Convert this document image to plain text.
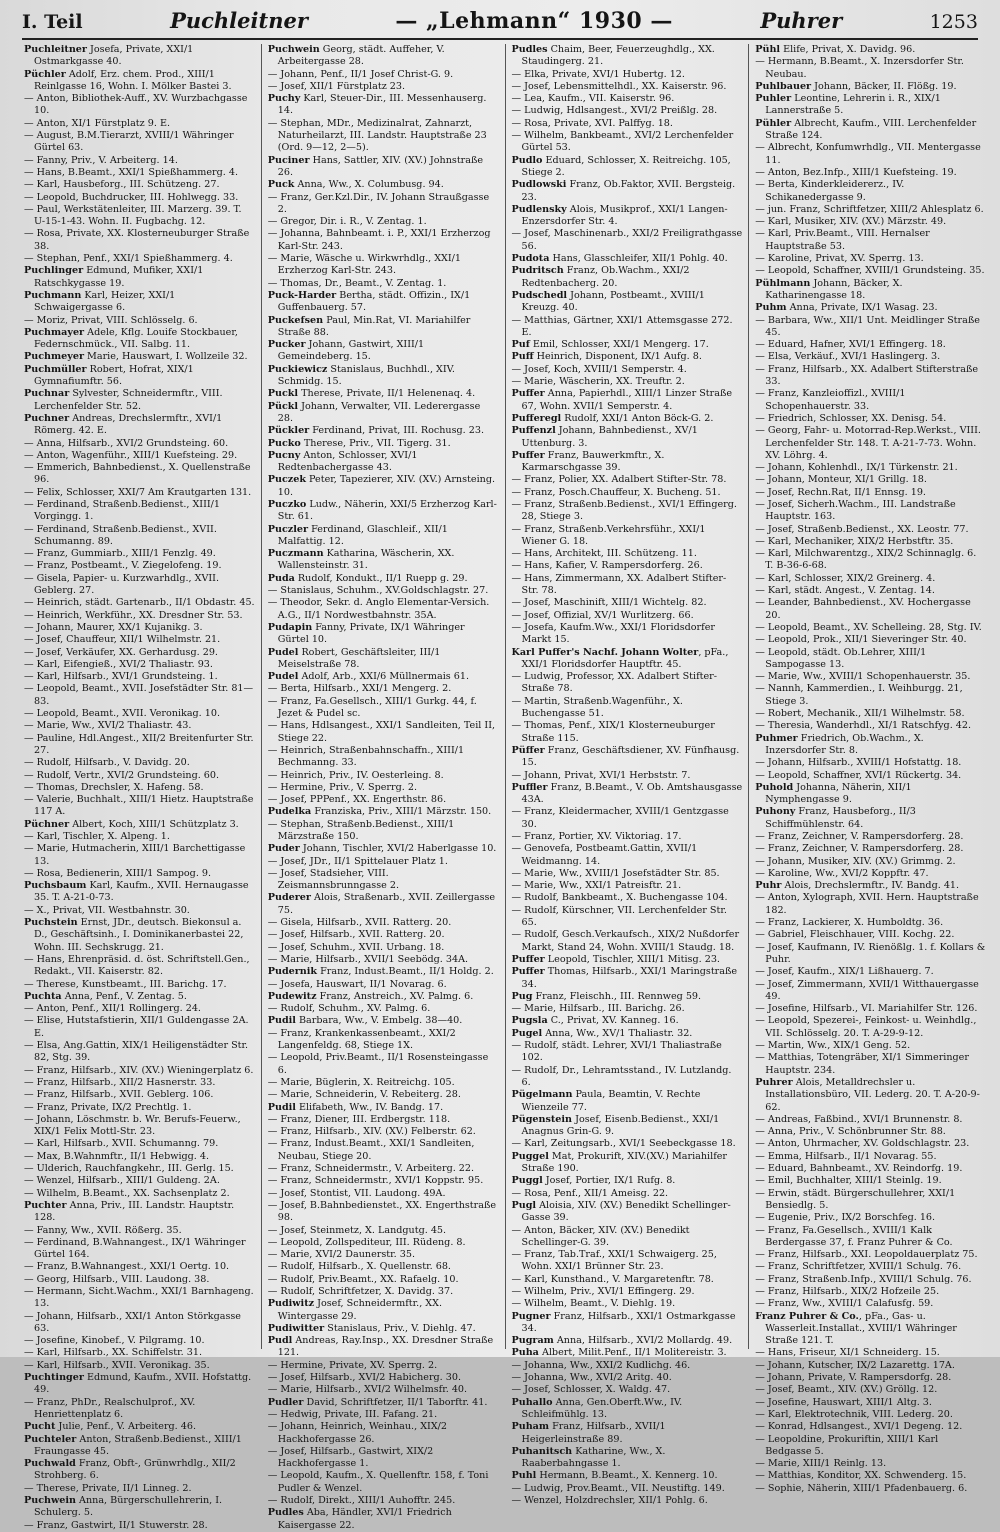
I. Teil	Puchleitner	— „Lehmann“ 1930 —	Puhrer	1253

Puchleitner Josefa, Private, XXI/1 Ostmarkgasse 40.

Püchler Adolf, Erz. chem. Prod., XIII/1 Reinlgasse 16, Wohn. I. Mölker Bastei 3.

— Anton, Bibliothek-Auff., XV. Wurzbachgasse 10.

— Anton, XI/1 Fürstplatz 9. E.

— August, B.M.Tierarzt, XVIII/1 Währinger Gürtel 63.

— Fanny, Priv., V. Arbeiterg. 14.

— Hans, B.Beamt., XXI/1 Spießhammerg. 4.

— Karl, Hausbeforg., III. Schützeng. 27.

— Leopold, Buchdrucker, III. Hohlwegg. 33.

— Paul, Werkstätenleiter, III. Marzerg. 39. T. U-15-1-43. Wohn. II. Fugbachg. 12.

— Rosa, Private, XX. Klosterneuburger Straße 38.

— Stephan, Penf., XXI/1 Spießhammerg. 4.

Puchlinger Edmund, Mufiker, XXI/1 Ratschkygasse 19.

Puchmann Karl, Heizer, XXI/1 Schwaigergasse 6.

— Moriz, Privat, VIII. Schlösselg. 6.

Puchmayer Adele, Kflg. Louife Stockbauer, Federnschmück., VII. Salbg. 11.

Puchmeyer Marie, Hauswart, I. Wollzeile 32.

Puchmüller Robert, Hofrat, XIX/1 Gymnafiumftr. 56.

Puchnar Sylvester, Schneidermftr., VIII. Lerchenfelder Str. 52.

Puchner Andreas, Drechslermftr., XVI/1 Römerg. 42. E.

— Anna, Hilfsarb., XVI/2 Grundsteing. 60.

— Anton, Wagenführ., XIII/1 Kuefsteing. 29.

— Emmerich, Bahnbedienst., X. Quellenstraße 96.

— Felix, Schlosser, XXI/7 Am Krautgarten 131.

— Ferdinand, Straßenb.Bedienst., XIII/1 Vorgingg. 1.

— Ferdinand, Straßenb.Bedienst., XVII. Schumanng. 89.

— Franz, Gummiarb., XIII/1 Fenzlg. 49.

— Franz, Postbeamt., V. Ziegelofeng. 19.

— Gisela, Papier- u. Kurzwarhdlg., XVII. Geblerg. 27.

— Heinrich, städt. Gartenarb., II/1 Obdastr. 45.

— Heinrich, Werkführ., XX. Dresdner Str. 53.

— Johann, Maurer, XX/1 Kujanikg. 3.

— Josef, Chauffeur, XII/1 Wilhelmstr. 21.

— Josef, Verkäufer, XX. Gerhardusg. 29.

— Karl, Eifengieß., XVI/2 Thaliastr. 93.

— Karl, Hilfsarb., XVI/1 Grundsteing. 1.

— Leopold, Beamt., XVII. Josefstädter Str. 81—83.

— Leopold, Beamt., XVII. Veronikag. 10.

— Marie, Ww., XVI/2 Thaliastr. 43.

— Pauline, Hdl.Angest., XII/2 Breitenfurter Str. 27.

— Rudolf, Hilfsarb., V. Davidg. 20.

— Rudolf, Vertr., XVI/2 Grundsteing. 60.

— Thomas, Drechsler, X. Hafeng. 58.

— Valerie, Buchhalt., XIII/1 Hietz. Hauptstraße 117 A.

Püchner Albert, Koch, XIII/1 Schützplatz 3.

— Karl, Tischler, X. Alpeng. 1.

— Marie, Hutmacherin, XIII/1 Barchettigasse 13.

— Rosa, Bedienerin, XIII/1 Sampog. 9.

Puchsbaum Karl, Kaufm., XVII. Hernaugasse 35. T. A-21-0-73.

— X., Privat, VII. Westbahnstr. 30.

Puchstein Ernst, JDr., deutsch. Biekonsul a. D., Geschäftsinh., I. Dominikanerbastei 22, Wohn. III. Sechskrugg. 21.

— Hans, Ehrenpräsid. d. öst. Schriftstell.Gen., Redakt., VII. Kaiserstr. 82.

— Therese, Kunstbeamt., III. Barichg. 17.

Puchta Anna, Penf., V. Zentag. 5.

— Anton, Penf., XII/1 Rollingerg. 24.

— Elise, Hutstafstierin, XII/1 Guldengasse 2A. E.

— Elsa, Ang.Gattin, XIX/1 Heiligenstädter Str. 82, Stg. 39.

— Franz, Hilfsarb., XIV. (XV.) Wieningerplatz 6.

— Franz, Hilfsarb., XII/2 Hasnerstr. 33.

— Franz, Hilfsarb., XVII. Geblerg. 106.

— Franz, Private, IX/2 Prechtlg. 1.

— Johann, Löschmstr. b. Wr. Berufs-Feuerw., XIX/1 Felix Mottl-Str. 23.

— Karl, Hilfsarb., XVII. Schumanng. 79.

— Max, B.Wahnmftr., II/1 Hebwigg. 4.

— Ulderich, Rauchfangkehr., III. Gerlg. 15.

— Wenzel, Hilfsarb., XIII/1 Guldeng. 2A.

— Wilhelm, B.Beamt., XX. Sachsenplatz 2.

Puchter Anna, Priv., III. Landstr. Hauptstr. 128.

— Fanny, Ww., XVII. Rößerg. 35.

— Ferdinand, B.Wahnangest., IX/1 Währinger Gürtel 164.

— Franz, B.Wahnangest., XXI/1 Oertg. 10.

— Georg, Hilfsarb., VIII. Laudong. 38.

— Hermann, Sicht.Wachm., XXI/1 Barnhageng. 13.

— Johann, Hilfsarb., XXI/1 Anton Störkgasse 63.

— Josefine, Kinobef., V. Pilgramg. 10.

— Karl, Hilfsarb., XX. Schiffelstr. 31.

— Karl, Hilfsarb., XVII. Veronikag. 35.

Puchtinger Edmund, Kaufm., XVII. Hofstattg. 49.

— Franz, PhDr., Realschulprof., XV. Henriettenplatz 6.

Pucht Julie, Penf., V. Arbeiterg. 46.

Puchteler Anton, Straßenb.Bedienst., XIII/1 Fraungasse 45.

Puchwald Franz, Obft-, Grünwrhdlg., XII/2 Strohberg. 6.

— Therese, Private, II/1 Linneg. 2.

Puchwein Anna, Bürgerschullehrerin, I. Schulerg. 5.

— Franz, Gastwirt, II/1 Stuwerstr. 28.

Puchwein Georg, städt. Auffeher, V. Arbeitergasse 28.

— Johann, Penf., II/1 Josef Christ-G. 9.

— Josef, XII/1 Fürstplatz 23.

Puchy Karl, Steuer-Dir., III. Messenhauserg. 14.

— Stephan, MDr., Medizinalrat, Zahnarzt, Naturheilarzt, III. Landstr. Hauptstraße 23 (Ord. 9—12, 2—5).

Puciner Hans, Sattler, XIV. (XV.) Johnstraße 26.

Puck Anna, Ww., X. Columbusg. 94.

— Franz, Ger.Kzl.Dir., IV. Johann Straußgasse 2.

— Gregor, Dir. i. R., V. Zentag. 1.

— Johanna, Bahnbeamt. i. P., XXI/1 Erzherzog Karl-Str. 243.

— Marie, Wäsche u. Wirkwrhdlg., XXI/1 Erzherzog Karl-Str. 243.

— Thomas, Dr., Beamt., V. Zentag. 1.

Puck-Harder Bertha, städt. Offizin., IX/1 Guffenbauerg. 57.

Puckefsen Paul, Min.Rat, VI. Mariahilfer Straße 88.

Pucker Johann, Gastwirt, XIII/1 Gemeindeberg. 15.

Puckiewicz Stanislaus, Buchhdl., XIV. Schmidg. 15.

Puckl Therese, Private, II/1 Helenenaq. 4.

Pückl Johann, Verwalter, VII. Lederergasse 28.

Pückler Ferdinand, Privat, III. Rochusg. 23.

Pucko Therese, Priv., VII. Tigerg. 31.

Pucny Anton, Schlosser, XVI/1 Redtenbachergasse 43.

Puczek Peter, Tapezierer, XIV. (XV.) Arnsteing. 10.

Puczko Ludw., Näherin, XXI/5 Erzherzog Karl-Str. 61.

Puczler Ferdinand, Glaschleif., XII/1 Malfattig. 12.

Puczmann Katharina, Wäscherin, XX. Wallensteinstr. 31.

Puda Rudolf, Kondukt., II/1 Ruepp g. 29.

— Stanislaus, Schuhm., XV.Goldschlagstr. 27.

— Theodor, Sekr. d. Anglo Elementar-Versich. A.G., II/1 Nordwestbahnstr. 35A.

Pudapin Fanny, Private, IX/1 Währinger Gürtel 10.

Pudel Robert, Geschäftsleiter, III/1 Meiselstraße 78.

Pudel Adolf, Arb., XXI/6 Müllnermais 61.

— Berta, Hilfsarb., XXI/1 Mengerg. 2.

— Franz, Fa.Gesellsch., XIII/1 Gurkg. 44, f. Jezet & Pudel sc.

— Hans, Hdlsangest., XXI/1 Sandleiten, Teil II, Stiege 22.

— Heinrich, Straßenbahnschaffn., XIII/1 Bechmanng. 33.

— Heinrich, Priv., IV. Oesterleing. 8.

— Hermine, Priv., V. Sperrg. 2.

— Josef, PPPenf., XX. Engerthstr. 86.

Pudelka Franziska, Priv., XIII/1 Märzstr. 150.

— Stephan, Straßenb.Bedienst., XIII/1 Märzstraße 150.

Puder Johann, Tischler, XVI/2 Haberlgasse 10.

— Josef, JDr., II/1 Spittelauer Platz 1.

— Josef, Stadsieher, VIII. Zeismannsbrunngasse 2.

Puderer Alois, Straßenarb., XVII. Zeillergasse 75.

— Gisela, Hilfsarb., XVII. Ratterg. 20.

— Josef, Hilfsarb., XVII. Ratterg. 20.

— Josef, Schuhm., XVII. Urbang. 18.

— Marie, Hilfsarb., XVII/1 Seebödg. 34A.

Pudernik Franz, Indust.Beamt., II/1 Holdg. 2.

— Josefa, Hauswart, II/1 Novarag. 6.

Pudewitz Franz, Anstreich., XV. Palmg. 6.

— Rudolf, Schuhm., XV. Palmg. 6.

Pudil Barbara, Ww., V. Embelg. 38—40.

— Franz, Krankenkassenbeamt., XXI/2 Langenfeldg. 68, Stiege 1X.

— Leopold, Priv.Beamt., II/1 Rosensteingasse 6.

— Marie, Büglerin, X. Reitreichg. 105.

— Marie, Schneiderin, V. Rebeiterg. 28.

Pudil Elifabeth, Ww., IV. Bandg. 17.

— Franz, Diener, III. Erdbergstr. 118.

— Franz, Hilfsarb., XIV. (XV.) Felberstr. 62.

— Franz, Indust.Beamt., XXI/1 Sandleiten, Neubau, Stiege 20.

— Franz, Schneidermstr., V. Arbeiterg. 22.

— Franz, Schneidermstr., XVI/1 Koppstr. 95.

— Josef, Stontist, VII. Laudong. 49A.

— Josef, B.Bahnbedienstet., XX. Engerthstraße 98.

— Josef, Steinmetz, X. Landgutg. 45.

— Leopold, Zollspediteur, III. Rüdeng. 8.

— Marie, XVI/2 Daunerstr. 35.

— Rudolf, Hilfsarb., X. Quellenstr. 68.

— Rudolf, Priv.Beamt., XX. Rafaelg. 10.

— Rudolf, Schriftfetzer, X. Davidg. 37.

Pudiwitz Josef, Schneidermftr., XX. Wintergasse 29.

Pudiwitter Stanislaus, Priv., V. Diehlg. 47.

Pudl Andreas, Ray.Insp., XX. Dresdner Straße 121.

— Hermine, Private, XV. Sperrg. 2.

— Josef, Hilfsarb., XVI/2 Habicherg. 30.

— Marie, Hilfsarb., XVI/2 Wilhelmsfr. 40.

Pudler David, Schriftfetzer, II/1 Taborftr. 41.

— Hedwig, Private, III. Fafang. 21.

— Johann, Heinrich, Weinhau., XIX/2 Hackhofergasse 26.

— Josef, Hilfsarb., Gastwirt, XIX/2 Hackhofergasse 1.

— Leopold, Kaufm., X. Quellenftr. 158, f. Toni Pudler & Wenzel.

— Rudolf, Direkt., XIII/1 Auhofftr. 245.

Pudles Aba, Händler, XVI/1 Friedrich Kaisergasse 22.

Pudles Chaim, Beer, Feuerzeughdlg., XX. Staudingerg. 21.

— Elka, Private, XVI/1 Hubertg. 12.

— Josef, Lebensmittelhdl., XX. Kaiserstr. 96.

— Lea, Kaufm., VII. Kaiserstr. 96.

— Ludwig, Hdlsangest., XVI/2 Preißlg. 28.

— Rosa, Private, XVI. Palffyg. 18.

— Wilhelm, Bankbeamt., XVI/2 Lerchenfelder Gürtel 53.

Pudlo Eduard, Schlosser, X. Reitreichg. 105, Stiege 2.

Pudlowski Franz, Ob.Faktor, XVII. Bergsteig. 23.

Pudlensky Alois, Musikprof., XXI/1 Langen-Enzersdorfer Str. 4.

— Josef, Maschinenarb., XXI/2 Freiligrathgasse 56.

Pudota Hans, Glasschleifer, XII/1 Pohlg. 40.

Pudritsch Franz, Ob.Wachm., XXI/2 Redtenbacherg. 20.

Pudschedl Johann, Postbeamt., XVIII/1 Kreuzg. 40.

— Matthias, Gärtner, XXI/1 Attemsgasse 272. E.

Puf Emil, Schlosser, XXI/1 Mengerg. 17.

Puff Heinrich, Disponent, IX/1 Aufg. 8.

— Josef, Koch, XVIII/1 Semperstr. 4.

— Marie, Wäscherin, XX. Treuftr. 2.

Puffer Anna, Papierhdl., XIII/1 Linzer Straße 67, Wohn. XVII/1 Semperstr. 4.

Pufferegl Rudolf, XXI/1 Anton Böck-G. 2.

Puffenzl Johann, Bahnbedienst., XV/1 Uttenburg. 3.

Puffer Franz, Bauwerkmftr., X. Karmarschgasse 39.

— Franz, Polier, XX. Adalbert Stifter-Str. 78.

— Franz, Posch.Chauffeur, X. Bucheng. 51.

— Franz, Straßenb.Bedienst., XVI/1 Effingerg. 28, Stiege 3.

— Franz, Straßenb.Verkehrsführ., XXI/1 Wiener G. 18.

— Hans, Architekt, III. Schützeng. 11.

— Hans, Kafier, V. Rampersdorferg. 26.

— Hans, Zimmermann, XX. Adalbert Stifter-Str. 78.

— Josef, Maschinift, XIII/1 Wichtelg. 82.

— Josef, Offizial, XV/1 Wurlitzerg. 66.

— Josefa, Kaufm.Ww., XXI/1 Floridsdorfer Markt 15.

Karl Puffer's Nachf. Johann Wolter, pFa., XXI/1 Floridsdorfer Hauptftr. 45.

— Ludwig, Professor, XX. Adalbert Stifter-Straße 78.

— Martin, Straßenb.Wagenführ., X. Buchengasse 51.

— Thomas, Penf., XIX/1 Klosterneuburger Straße 115.

Püffer Franz, Geschäftsdiener, XV. Fünfhausg. 15.

— Johann, Privat, XVI/1 Herbststr. 7.

Puffler Franz, B.Beamt., V. Ob. Amtshausgasse 43A.

— Franz, Kleidermacher, XVIII/1 Gentzgasse 30.

— Franz, Portier, XV. Viktoriag. 17.

— Genovefa, Postbeamt.Gattin, XVII/1 Weidmanng. 14.

— Marie, Ww., XVIII/1 Josefstädter Str. 85.

— Marie, Ww., XXI/1 Patreisftr. 21.

— Rudolf, Bankbeamt., X. Buchengasse 104.

— Rudolf, Kürschner, VII. Lerchenfelder Str. 65.

— Rudolf, Gesch.Verkaufsch., XIX/2 Nußdorfer Markt, Stand 24, Wohn. XVIII/1 Staudg. 18.

Puffer Leopold, Tischler, XIII/1 Mitisg. 23.

Puffer Thomas, Hilfsarb., XXI/1 Maringstraße 34.

Pug Franz, Fleischh., III. Rennweg 59.

— Marie, Hilfsarb., III. Barichg. 26.

Pugsla C., Privat, XV. Kanneg. 16.

Pugel Anna, Ww., XV/1 Thaliastr. 32.

— Rudolf, städt. Lehrer, XVI/1 Thaliastraße 102.

— Rudolf, Dr., Lehramtsstand., IV. Lutzlandg. 6.

Pügelmann Paula, Beamtin, V. Rechte Wienzeile 77.

Pügenstein Josef, Eisenb.Bedienst., XXI/1 Anagnus Grin-G. 9.

— Karl, Zeitungsarb., XVI/1 Seebeckgasse 18.

Puggel Mat, Prokurift, XIV.(XV.) Mariahilfer Straße 190.

Puggl Josef, Portier, IX/1 Rufg. 8.

— Rosa, Penf., XII/1 Ameisg. 22.

Pugl Aloisia, XIV. (XV.) Benedikt Schellinger-Gasse 39.

— Anton, Bäcker, XIV. (XV.) Benedikt Schellinger-G. 39.

— Franz, Tab.Traf., XXI/1 Schwaigerg. 25, Wohn. XXI/1 Brünner Str. 23.

— Karl, Kunsthand., V. Margaretenftr. 78.

— Wilhelm, Priv., XVI/1 Effingerg. 29.

— Wilhelm, Beamt., V. Diehlg. 19.

Pugner Franz, Hilfsarb., XXI/1 Ostmarkgasse 34.

Pugram Anna, Hilfsarb., XVI/2 Mollardg. 49.

Puha Albert, Milit.Penf., II/1 Molitereistr. 3.

— Johanna, Ww., XXI/2 Kudlichg. 46.

— Johanna, Ww., XVI/2 Aritg. 40.

— Josef, Schlosser, X. Waldg. 47.

Puhallo Anna, Gen.Oberft.Ww., IV. Schleifmühlg. 13.

Puham Franz, Hilfsarb., XVII/1 Heigerleinstraße 89.

Puhanitsch Katharine, Ww., X. Raaberbahngasse 1.

Puhl Hermann, B.Beamt., X. Kennerg. 10.

— Ludwig, Prov.Beamt., VII. Neustiftg. 149.

— Wenzel, Holzdrechsler, XII/1 Pohlg. 6.

Pühl Elife, Privat, X. Davidg. 96.

— Hermann, B.Beamt., X. Inzersdorfer Str. Neubau.

Puhlbauer Johann, Bäcker, II. Flößg. 19.

Puhler Leontine, Lehrerin i. R., XIX/1 Lannerstraße 5.

Pühler Albrecht, Kaufm., VIII. Lerchenfelder Straße 124.

— Albrecht, Konfumwrhdlg., VII. Mentergasse 11.

— Anton, Bez.Infp., XIII/1 Kuefsteing. 19.

— Berta, Kinderkleidererz., IV. Schikanedergasse 9.

— jun. Franz, Schriftfetzer, XIII/2 Ahlesplatz 6.

— Karl, Musiker, XIV. (XV.) Märzstr. 49.

— Karl, Priv.Beamt., VIII. Hernalser Hauptstraße 53.

— Karoline, Privat, XV. Sperrg. 13.

— Leopold, Schaffner, XVIII/1 Grundsteing. 35.

Pühlmann Johann, Bäcker, X. Katharinengasse 18.

Puhm Anna, Private, IX/1 Wasag. 23.

— Barbara, Ww., XII/1 Unt. Meidlinger Straße 45.

— Eduard, Hafner, XVI/1 Effingerg. 18.

— Elsa, Verkäuf., XVI/1 Haslingerg. 3.

— Franz, Hilfsarb., XX. Adalbert Stifterstraße 33.

— Franz, Kanzleioffizl., XVIII/1 Schopenhauerstr. 33.

— Friedrich, Schlosser, XX. Denisg. 54.

— Georg, Fahr- u. Motorrad-Rep.Werkst., VIII. Lerchenfelder Str. 148. T. A-21-7-73. Wohn. XV. Löhrg. 4.

— Johann, Kohlenhdl., IX/1 Türkenstr. 21.

— Johann, Monteur, XI/1 Grillg. 18.

— Josef, Rechn.Rat, II/1 Ennsg. 19.

— Josef, Sicherh.Wachm., III. Landstraße Hauptstr. 163.

— Josef, Straßenb.Bedienst., XX. Leostr. 77.

— Karl, Mechaniker, XIX/2 Herbstftr. 35.

— Karl, Milchwarentzg., XIX/2 Schinnaglg. 6. T. B-36-6-68.

— Karl, Schlosser, XIX/2 Greinerg. 4.

— Karl, städt. Angest., V. Zentag. 14.

— Leander, Bahnbedienst., XV. Hochergasse 20.

— Leopold, Beamt., XV. Schelleing. 28, Stg. IV.

— Leopold, Prok., XII/1 Sieveringer Str. 40.

— Leopold, städt. Ob.Lehrer, XIII/1 Sampogasse 13.

— Marie, Ww., XVIII/1 Schopenhauerstr. 35.

— Nannh, Kammerdien., I. Weihburgg. 21, Stiege 3.

— Robert, Mechanik., XII/1 Wilhelmstr. 58.

— Theresia, Wanderhdl., XI/1 Ratschfyg. 42.

Puhmer Friedrich, Ob.Wachm., X. Inzersdorfer Str. 8.

— Johann, Hilfsarb., XVIII/1 Hofstattg. 18.

— Leopold, Schaffner, XVI/1 Rückertg. 34.

Puhold Johanna, Näherin, XII/1 Nymphengasse 9.

Puhony Franz, Hausbeforg., II/3 Schiffmühlenstr. 64.

— Franz, Zeichner, V. Rampersdorferg. 28.

— Franz, Zeichner, V. Rampersdorferg. 28.

— Johann, Musiker, XIV. (XV.) Grimmg. 2.

— Karoline, Ww., XVI/2 Koppftr. 47.

Puhr Alois, Drechslermftr., IV. Bandg. 41.

— Anton, Xylograph, XVII. Hern. Hauptstraße 182.

— Franz, Lackierer, X. Humboldtg. 36.

— Gabriel, Fleischhauer, VIII. Kochg. 22.

— Josef, Kaufmann, IV. Rienößlg. 1. f. Kollars & Puhr.

— Josef, Kaufm., XIX/1 Lißhauerg. 7.

— Josef, Zimmermann, XVII/1 Witthauergasse 49.

— Josefine, Hilfsarb., VI. Mariahilfer Str. 126.

— Leopold, Spezerei-, Feinkost- u. Weinhdlg., VII. Schlösselg. 20. T. A-29-9-12.

— Martin, Ww., XIX/1 Geng. 52.

— Matthias, Totengräber, XI/1 Simmeringer Hauptstr. 234.

Puhrer Alois, Metalldrechsler u. Installationsbüro, VII. Lederg. 20. T. A-20-9-62.

— Andreas, Faßbind., XVI/1 Brunnenstr. 8.

— Anna, Priv., V. Schönbrunner Str. 88.

— Anton, Uhrmacher, XV. Goldschlagstr. 23.

— Emma, Hilfsarb., II/1 Novarag. 55.

— Eduard, Bahnbeamt., XV. Reindorfg. 19.

— Emil, Buchhalter, XIII/1 Steinlg. 19.

— Erwin, städt. Bürgerschullehrer, XXI/1 Bensiedlg. 5.

— Eugenie, Priv., IX/2 Borschfeg. 16.

— Franz, Fa.Gesellsch., XVIII/1 Kalk Berdergasse 37, f. Franz Puhrer & Co.

— Franz, Hilfsarb., XXI. Leopoldauerplatz 75.

— Franz, Schriftfetzer, XVIII/1 Schulg. 76.

— Franz, Straßenb.Infp., XVIII/1 Schulg. 76.

— Franz, Hilfsarb., XIX/2 Hofzeile 25.

— Franz, Ww., XVIII/1 Calafusfg. 59.

Franz Puhrer & Co., pFa., Gas- u. Wasserleit.Installat., XVIII/1 Währinger Straße 121. T.

— Hans, Friseur, XI/1 Schneiderg. 15.

— Johann, Kutscher, IX/2 Lazarettg. 17A.

— Johann, Private, V. Rampersdorfg. 28.

— Josef, Beamt., XIV. (XV.) Gröllg. 12.

— Josefine, Hauswart, XIII/1 Altg. 3.

— Karl, Elektrotechnik, VIII. Lederg. 20.

— Konrad, Hdlsangest., XVI/1 Degeng. 12.

— Leopoldine, Prokuriftin, XIII/1 Karl Bedgasse 5.

— Marie, XIII/1 Reinlg. 13.

— Matthias, Konditor, XX. Schwenderg. 15.

— Sophie, Näherin, XIII/1 Pfadenbauerg. 6.
